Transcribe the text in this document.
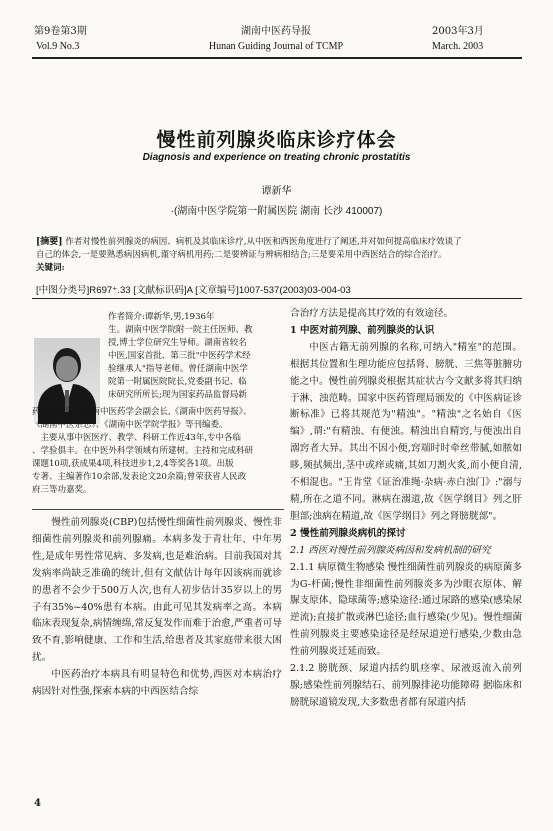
第9卷第3期
Vol.9 No.3
湖南中医药导报
Hunan Guiding Journal of TCMP
2003年3月
March. 2003
慢性前列腺炎临床诊疗体会
Diagnosis and experience on treating chronic prostatitis
谭新华
·(湖南中医学院第一附属医院 湖南 长沙 410007)
[摘要] 作者对慢性前列腺炎的病因、病机及其临床诊疗,从中医和西医角度进行了阐述,并对如何提高临床疗效谈了
自己的体会,一是要熟悉病因病机,谨守病机用药;二是要辨证与辨病相结合;三是要采用中西医结合的综合治疗。
关键词:
[中图分类号]R697⁺.33 [文献标识码]A [文章编号]1007-537(2003)03-004-03
作者简介:谭新华,男,1936年
生。湖南中医学院附一院主任医师、教
授,博士学位研究生导师。湖南省较名
中医,国家首批、第三批"中医药学术经
验继承人"指导老师。曾任湖南中医学
院第一附属医院院长,党委副书记、临
床研究所所长;现为国家药品监督局新
药评审专家、湖南中医药学会副会长,《湖南中医药导报》、
《湖南中医杂志》、《湖南中医学院学报》等刊编委。
主要从事中医医疗、教学、科研工作近43年,专中各临
、学验俱丰。在中医外科学领域有所建树。主持和完成科研
课题10项,获成果4项,科技进步1,2,4等奖各1项。出版
专著、主编著作10余部,发表论文20余篇;曾荣获省人民政
府三等功嘉奖。

慢性前列腺炎(CBP)包括慢性细菌性前列腺炎、慢性非细菌性前列腺炎和前列腺痛。本病多发于青壮年、中年男性,是成年男性常见病、多发病,也是难治病。目前我国对其发病率尚缺乏准确的统计,但有文献估计每年因该病而就诊的患者不会少于500万人次,也有人初步估计35岁以上的男子有35%~40%患有本病。由此可见其发病率之高。本病临床表现复杂,病情缠绵,常反复发作而难于治愈,严重者可导致不育,影响健康、工作和生活,给患者及其家庭带来很大困扰。

中医药治疗本病具有明显特色和优势,西医对本病治疗病因针对性强,探索本病的中西医结合综

4

合治疗方法是提高其疗效的有效途径。

1 中医对前列腺、前列腺炎的认识

中医古籍无前列腺的名称,可纳入"精室"的范围。根据其位置和生理功能应包括肾、膀胱、三焦等脏腑功能之中。慢性前列腺炎根据其症状古今文献多将其归纳于淋、浊范畴。国家中医药管理局颁发的《中医病证诊断标准》已将其规范为"精浊"。"精浊"之名始自《医编》,谓:"有精浊、有便浊。精浊出自精窍,与便浊出自溺窍者大异。其出不因小便,窍端时时牵丝带腻,如脓如眵,频拭频出,茎中或痒或痛,其如刀割火炙,而小便自清,不相混也。"王肯堂《证治准绳·杂病·赤白浊门》:"溺与精,所在之道不同。淋病在溺道,故《医学纲目》列之肝胆部;浊病在精道,故《医学纲目》列之肾膀胱部"。

2 慢性前列腺炎病机的探讨

2.1 西医对慢性前列腺炎病因和发病机制的研究

2.1.1 病原微生物感染 慢性细菌性前列腺炎的病原菌多为G-杆菌;慢性非细菌性前列腺炎多为沙眼衣原体、解脲支原体、隐球菌等;感染途径:通过尿路的感染(感染尿逆流);直接扩散或淋巴途径;血行感染(少见)。慢性细菌性前列腺炎主要感染途径是经尿道逆行感染,少数由急性前列腺炎迁延而致。

2.1.2 膀胱颈、尿道内括约肌痉挛、尿液返流入前列腺;感染性前列腺结石、前列腺排泌功能障碍 据临床和膀胱尿道镜发现,大多数患者都有尿道内括
